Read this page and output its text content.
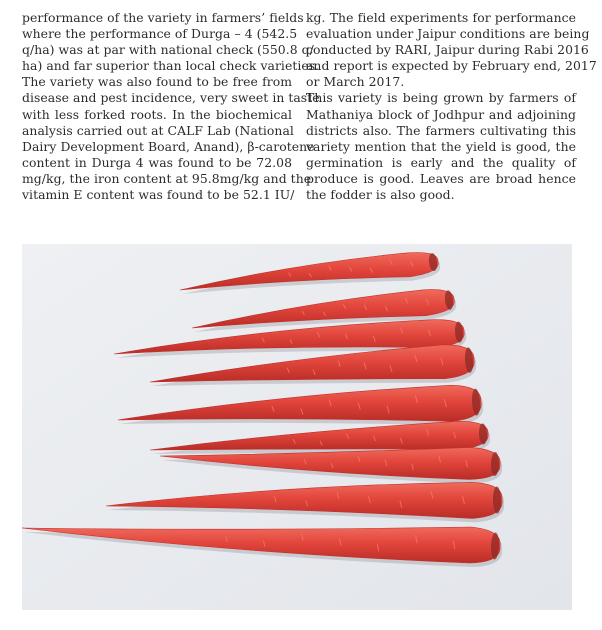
performance of the variety in farmers’ fields
where the performance of Durga – 4 (542.5
q/ha) was at par with national check (550.8 q/
ha) and far superior than local check varieties.
The variety was also found to be free from
disease and pest incidence, very sweet in taste
with less forked roots. In the biochemical
analysis carried out at CALF Lab (National
Dairy Development Board, Anand), β-carotene
content in Durga 4 was found to be 72.08
mg/kg, the iron content at 95.8mg/kg and the
vitamin E content was found to be 52.1 IU/
kg. The field experiments for performance
evaluation under Jaipur conditions are being
conducted by RARI, Jaipur during Rabi 2016
and report is expected by February end, 2017
or March 2017.
This variety is being grown by farmers of
Mathaniya block of Jodhpur and adjoining
districts also. The farmers cultivating this
variety mention that the yield is good, the
germination is early and the quality of
produce is good. Leaves are broad hence
the fodder is also good.
